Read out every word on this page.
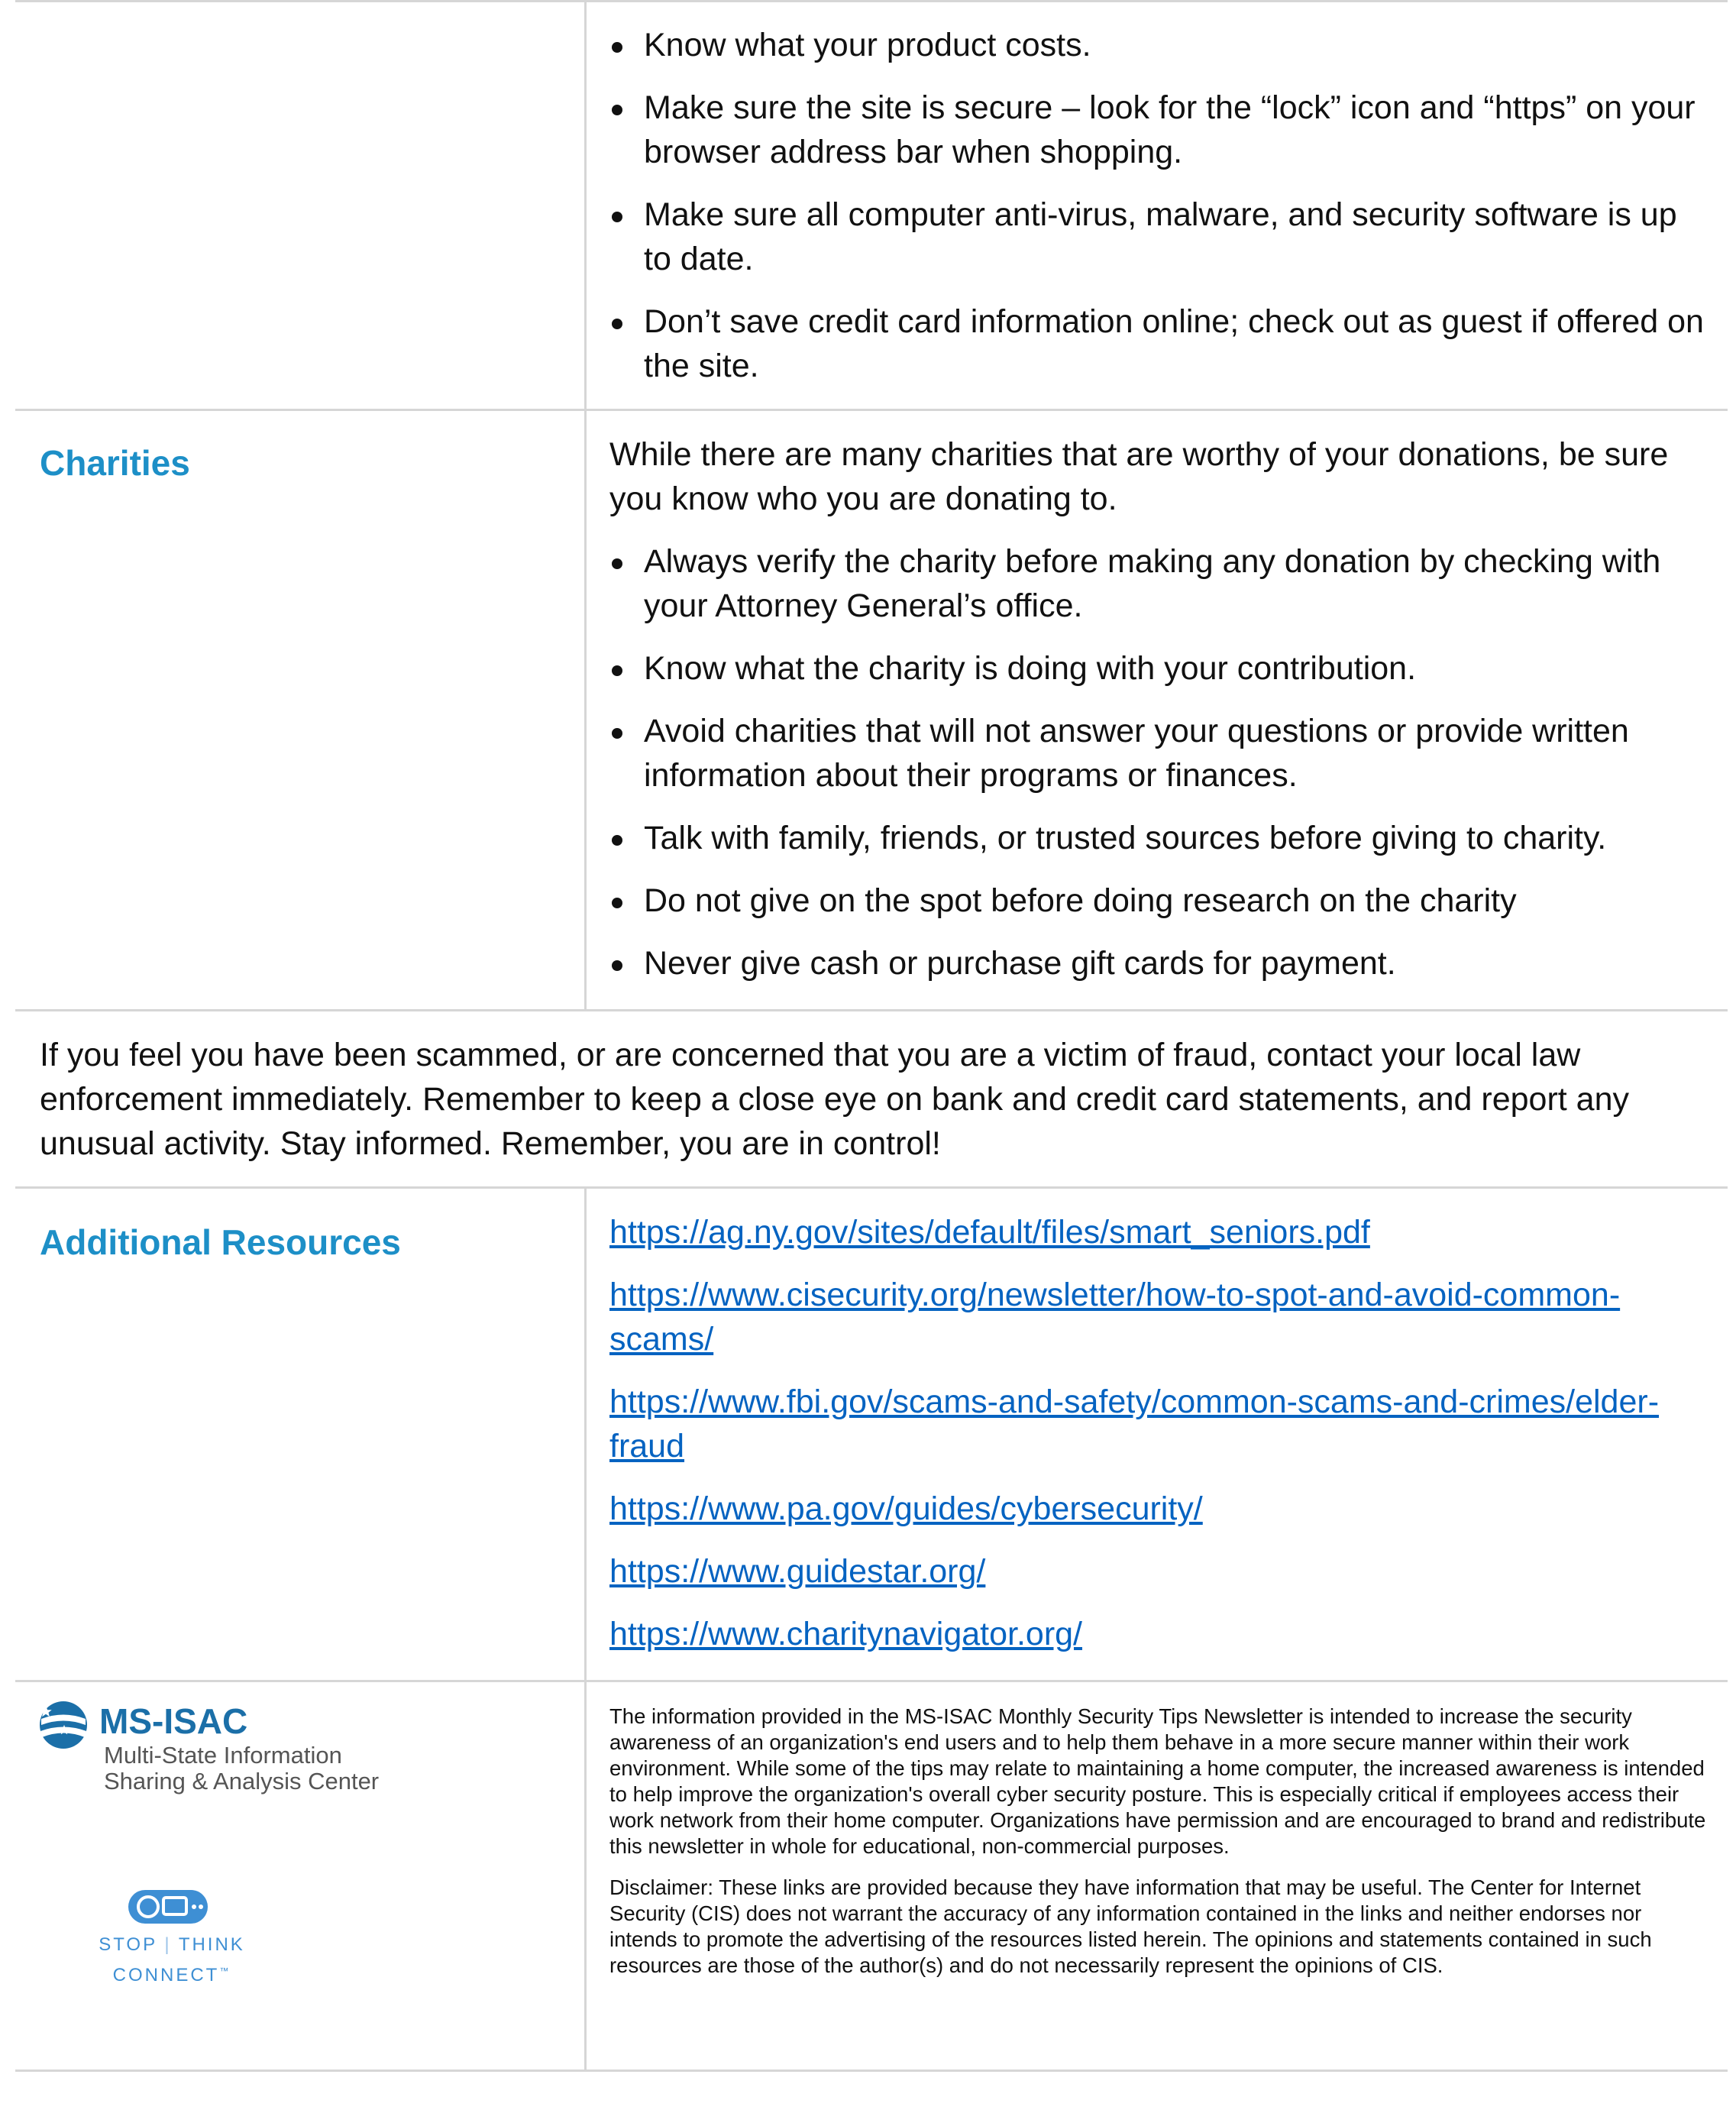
Know what your product costs.
Make sure the site is secure – look for the “lock” icon and “https” on your browser address bar when shopping.
Make sure all computer anti-virus, malware, and security software is up to date.
Don’t save credit card information online; check out as guest if offered on the site.
Charities	While there are many charities that are worthy of your donations, be sure you know who you are donating to.

Always verify the charity before making any donation by checking with your Attorney General’s office.
Know what the charity is doing with your contribution.
Avoid charities that will not answer your questions or provide written information about their programs or finances.
Talk with family, friends, or trusted sources before giving to charity.
Do not give on the spot before doing research on the charity
Never give cash or purchase gift cards for payment.
If you feel you have been scammed, or are concerned that you are a victim of fraud, contact your local law enforcement immediately. Remember to keep a close eye on bank and credit card statements, and report any unusual activity. Stay informed. Remember, you are in control!
Additional Resources	https://ag.ny.gov/sites/default/files/smart_seniors.pdf
https://www.cisecurity.org/newsletter/how-to-spot-and-avoid-common-scams/
https://www.fbi.gov/scams-and-safety/common-scams-and-crimes/elder-fraud
https://www.pa.gov/guides/cybersecurity/
https://www.guidestar.org/
https://www.charitynavigator.org/
MS-ISAC
Multi-State Information
Sharing & Analysis Center
STOP | THINK
CONNECT™

The information provided in the MS-ISAC Monthly Security Tips Newsletter is intended to increase the security awareness of an organization's end users and to help them behave in a more secure manner within their work environment. While some of the tips may relate to maintaining a home computer, the increased awareness is intended to help improve the organization's overall cyber security posture. This is especially critical if employees access their work network from their home computer. Organizations have permission and are encouraged to brand and redistribute this newsletter in whole for educational, non-commercial purposes.

Disclaimer: These links are provided because they have information that may be useful. The Center for Internet Security (CIS) does not warrant the accuracy of any information contained in the links and neither endorses nor intends to promote the advertising of the resources listed herein. The opinions and statements contained in such resources are those of the author(s) and do not necessarily represent the opinions of CIS.
